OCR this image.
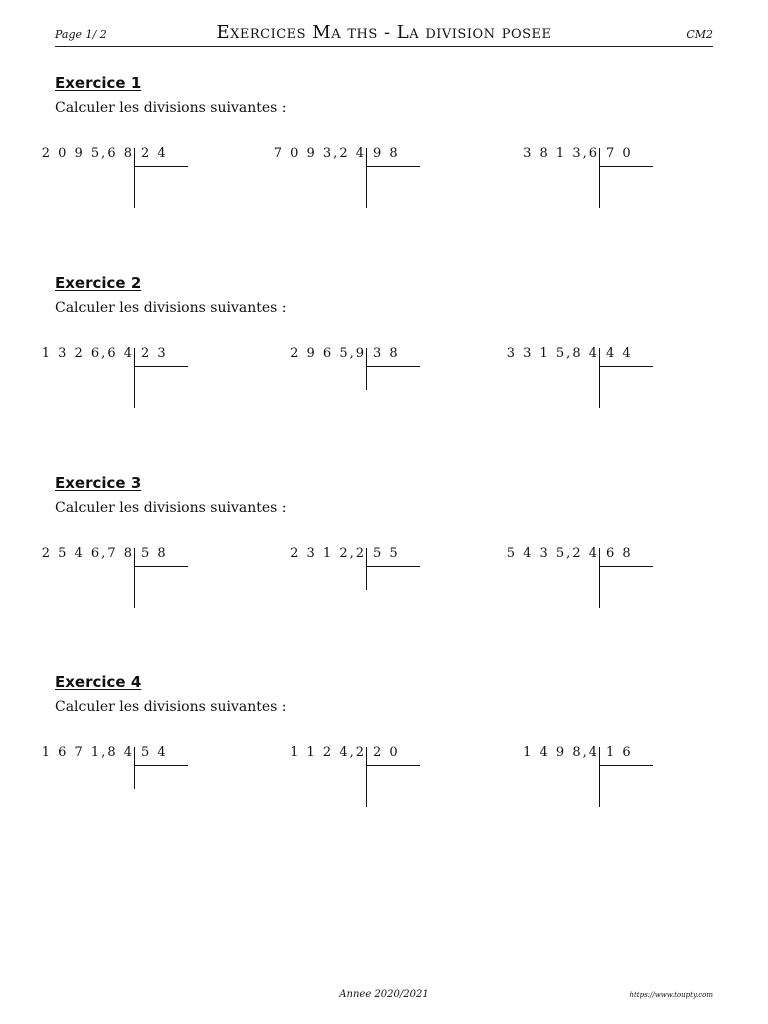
Page 1/ 2	Exercices Ma ths - La division posee	CM2
Exercice 1
Calculer les divisions suivantes :
2 0 9 5,6 8 2 4	7 0 9 3,2 4 9 8	3 8 1 3,6 7 0
Exercice 2
Calculer les divisions suivantes :
1 3 2 6,6 4 2 3	2 9 6 5,9 3 8	3 3 1 5,8 4 4 4
Exercice 3
Calculer les divisions suivantes :
2 5 4 6,7 8 5 8	2 3 1 2,2 5 5	5 4 3 5,2 4 6 8
Exercice 4
Calculer les divisions suivantes :
1 6 7 1,8 4 5 4	1 1 2 4,2 2 0	1 4 9 8,4 1 6
Annee 2020/2021	https://www.toupty.com
